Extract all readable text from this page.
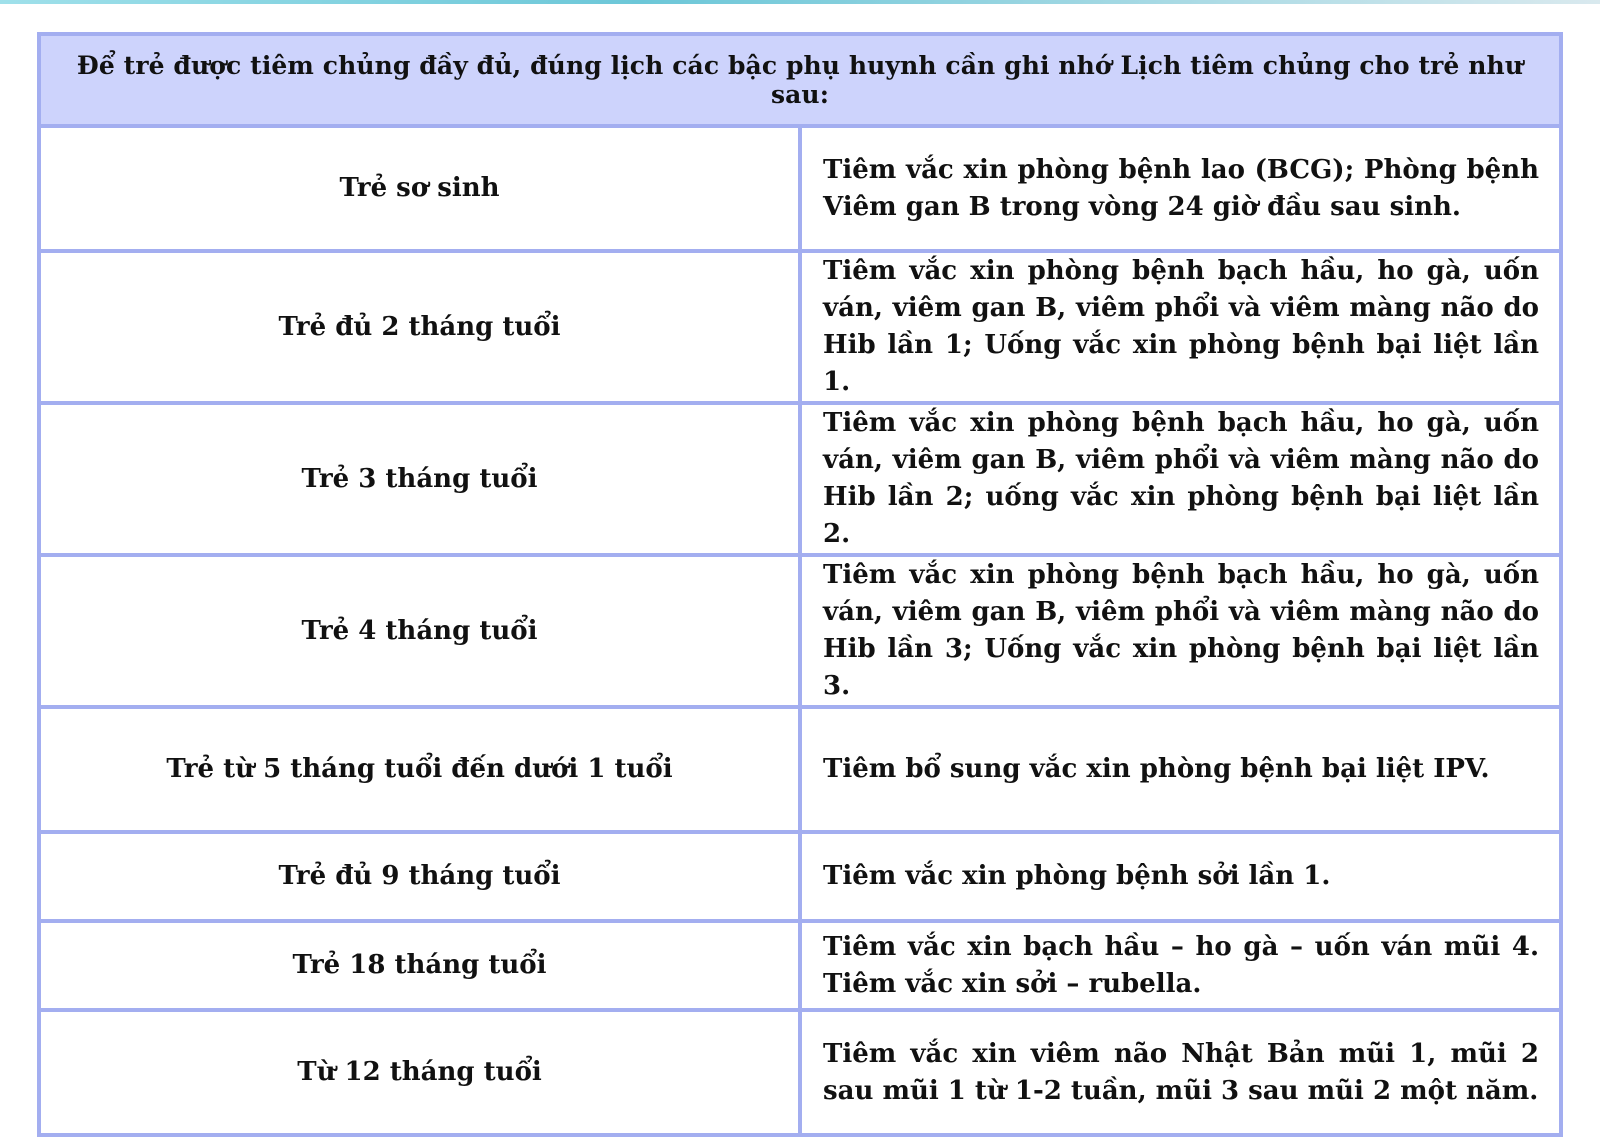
Để trẻ được tiêm chủng đầy đủ, đúng lịch các bậc phụ huynh cần ghi nhớ Lịch tiêm chủng cho trẻ như sau:	
Trẻ sơ sinh	Tiêm vắc xin phòng bệnh lao (BCG); Phòng bệnh Viêm gan B trong vòng 24 giờ đầu sau sinh.
Trẻ đủ 2 tháng tuổi	Tiêm vắc xin phòng bệnh bạch hầu, ho gà, uốn ván, viêm gan B, viêm phổi và viêm màng não do Hib lần 1; Uống vắc xin phòng bệnh bại liệt lần 1.
Trẻ 3 tháng tuổi	Tiêm vắc xin phòng bệnh bạch hầu, ho gà, uốn ván, viêm gan B, viêm phổi và viêm màng não do Hib lần 2; uống vắc xin phòng bệnh bại liệt lần 2.
Trẻ 4 tháng tuổi	Tiêm vắc xin phòng bệnh bạch hầu, ho gà, uốn ván, viêm gan B, viêm phổi và viêm màng não do Hib lần 3; Uống vắc xin phòng bệnh bại liệt lần 3.
Trẻ từ 5 tháng tuổi đến dưới 1 tuổi	Tiêm bổ sung vắc xin phòng bệnh bại liệt IPV.
Trẻ đủ 9 tháng tuổi	Tiêm vắc xin phòng bệnh sởi lần 1.
Trẻ 18 tháng tuổi	Tiêm vắc xin bạch hầu – ho gà – uốn ván mũi 4. Tiêm vắc xin sởi – rubella.
Từ 12 tháng tuổi	Tiêm vắc xin viêm não Nhật Bản mũi 1, mũi 2 sau mũi 1 từ 1-2 tuần, mũi 3 sau mũi 2 một năm.
